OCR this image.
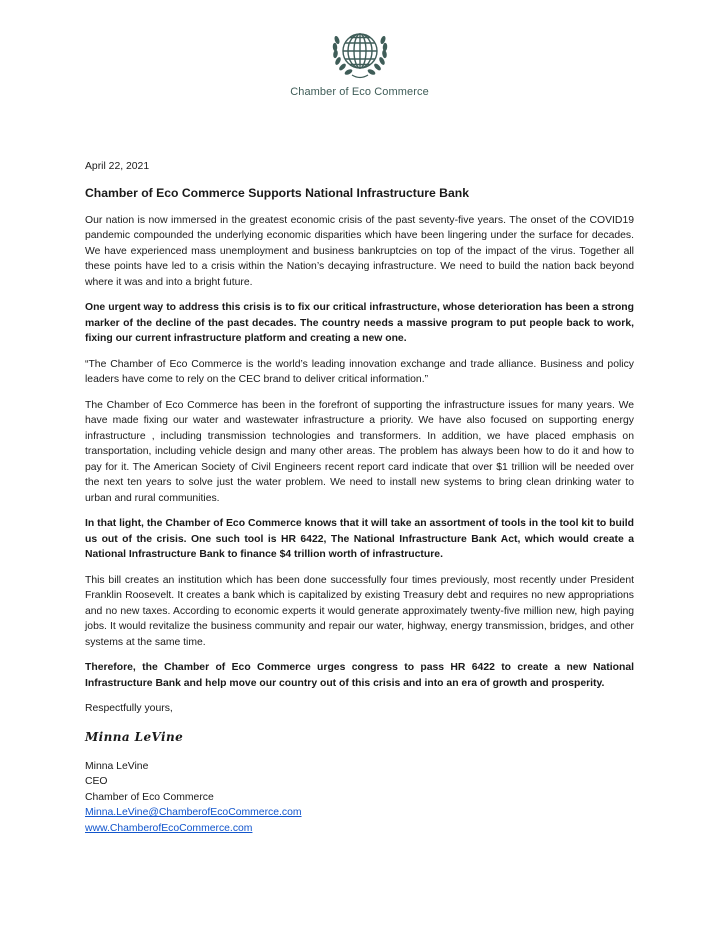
Chamber of Eco Commerce

April 22, 2021

Chamber of Eco Commerce Supports National Infrastructure Bank

Our nation is now immersed in the greatest economic crisis of the past seventy-five years. The onset of the COVID19 pandemic compounded the underlying economic disparities which have been lingering under the surface for decades. We have experienced mass unemployment and business bankruptcies on top of the impact of the virus. Together all these points have led to a crisis within the Nation’s decaying infrastructure. We need to build the nation back beyond where it was and into a bright future.

One urgent way to address this crisis is to fix our critical infrastructure, whose deterioration has been a strong marker of the decline of the past decades. The country needs a massive program to put people back to work, fixing our current infrastructure platform and creating a new one.

“The Chamber of Eco Commerce is the world’s leading innovation exchange and trade alliance. Business and policy leaders have come to rely on the CEC brand to deliver critical information.”

The Chamber of Eco Commerce has been in the forefront of supporting the infrastructure issues for many years. We have made fixing our water and wastewater infrastructure a priority. We have also focused on supporting energy infrastructure , including transmission technologies and transformers. In addition, we have placed emphasis on transportation, including vehicle design and many other areas. The problem has always been how to do it and how to pay for it. The American Society of Civil Engineers recent report card indicate that over $1 trillion will be needed over the next ten years to solve just the water problem. We need to install new systems to bring clean drinking water to urban and rural communities.

In that light, the Chamber of Eco Commerce knows that it will take an assortment of tools in the tool kit to build us out of the crisis. One such tool is HR 6422, The National Infrastructure Bank Act, which would create a National Infrastructure Bank to finance $4 trillion worth of infrastructure.

This bill creates an institution which has been done successfully four times previously, most recently under President Franklin Roosevelt. It creates a bank which is capitalized by existing Treasury debt and requires no new appropriations and no new taxes. According to economic experts it would generate approximately twenty-five million new, high paying jobs. It would revitalize the business community and repair our water, highway, energy transmission, bridges, and other systems at the same time.

Therefore, the Chamber of Eco Commerce urges congress to pass HR 6422 to create a new National Infrastructure Bank and help move our country out of this crisis and into an era of growth and prosperity.

Respectfully yours,

Minna LeVine

Minna LeVine

CEO

Chamber of Eco Commerce

Minna.LeVine@ChamberofEcoCommerce.com

www.ChamberofEcoCommerce.com
